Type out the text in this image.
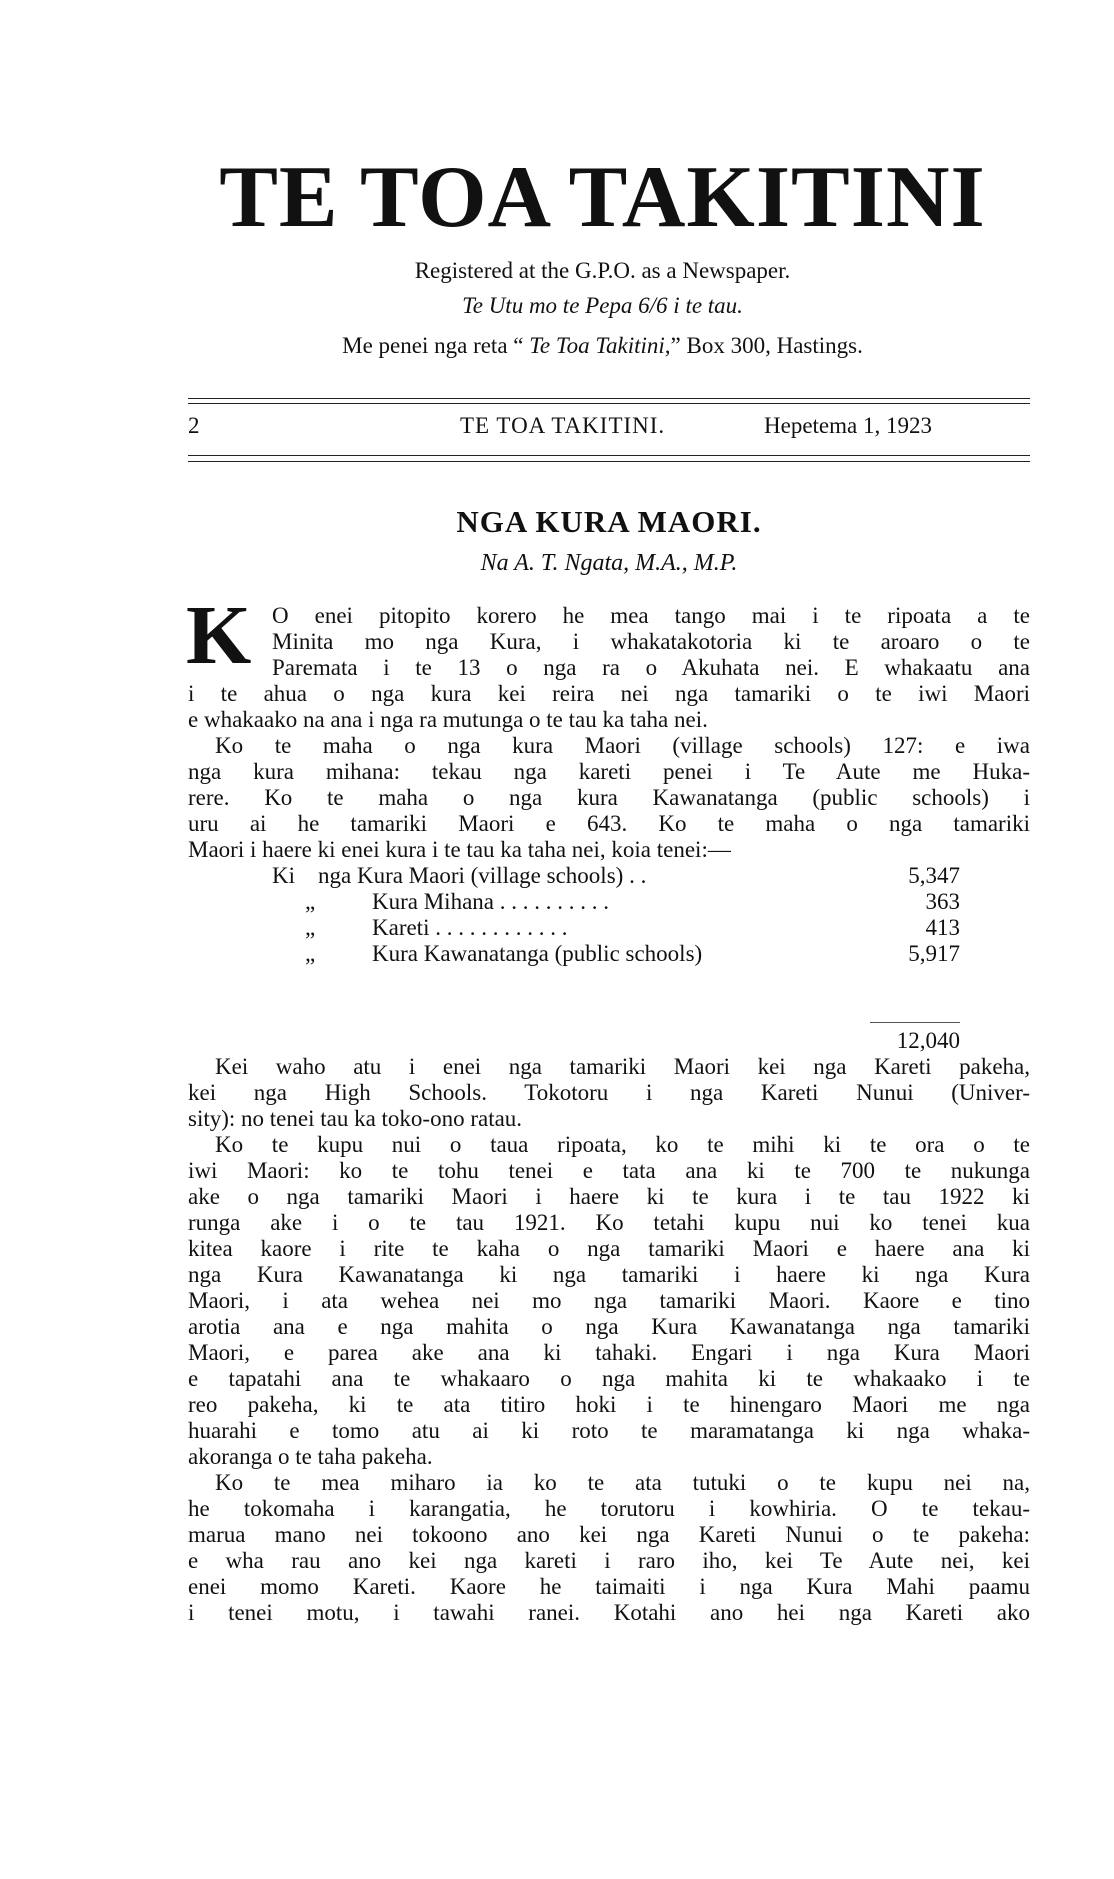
TE TOA TAKITINI
Registered at the G.P.O. as a Newspaper.
Te Utu mo te Pepa 6/6 i te tau.
Me penei nga reta “ Te Toa Takitini,” Box 300, Hastings.
2	TE TOA TAKITINI.	Hepetema 1, 1923
NGA KURA MAORI.
Na A. T. Ngata, M.A., M.P.
K O enei pitopito korero he mea tango mai i te ripoata a te
Minita mo nga Kura, i whakatakotoria ki te aroaro o te
Paremata i te 13 o nga ra o Akuhata nei. E whakaatu ana
i te ahua o nga kura kei reira nei nga tamariki o te iwi Maori
e whakaako na ana i nga ra mutunga o te tau ka taha nei.
Ko te maha o nga kura Maori (village schools) 127: e iwa
nga kura mihana: tekau nga kareti penei i Te Aute me Huka-
rere. Ko te maha o nga kura Kawanatanga (public schools) i
uru ai he tamariki Maori e 643. Ko te maha o nga tamariki
Maori i haere ki enei kura i te tau ka taha nei, koia tenei:—
Ki nga Kura Maori (village schools) . .	5,347
„ Kura Mihana . . . . . . . . . .	363
„ Kareti . . . . . . . . . . . .	413
„ Kura Kawanatanga (public schools)	5,917
12,040
Kei waho atu i enei nga tamariki Maori kei nga Kareti pakeha,
kei nga High Schools. Tokotoru i nga Kareti Nunui (Univer-
sity): no tenei tau ka toko-ono ratau.
Ko te kupu nui o taua ripoata, ko te mihi ki te ora o te
iwi Maori: ko te tohu tenei e tata ana ki te 700 te nukunga
ake o nga tamariki Maori i haere ki te kura i te tau 1922 ki
runga ake i o te tau 1921. Ko tetahi kupu nui ko tenei kua
kitea kaore i rite te kaha o nga tamariki Maori e haere ana ki
nga Kura Kawanatanga ki nga tamariki i haere ki nga Kura
Maori, i ata wehea nei mo nga tamariki Maori. Kaore e tino
arotia ana e nga mahita o nga Kura Kawanatanga nga tamariki
Maori, e parea ake ana ki tahaki. Engari i nga Kura Maori
e tapatahi ana te whakaaro o nga mahita ki te whakaako i te
reo pakeha, ki te ata titiro hoki i te hinengaro Maori me nga
huarahi e tomo atu ai ki roto te maramatanga ki nga whaka-
akoranga o te taha pakeha.
Ko te mea miharo ia ko te ata tutuki o te kupu nei na,
he tokomaha i karangatia, he torutoru i kowhiria. O te tekau-
marua mano nei tokoono ano kei nga Kareti Nunui o te pakeha:
e wha rau ano kei nga kareti i raro iho, kei Te Aute nei, kei
enei momo Kareti. Kaore he taimaiti i nga Kura Mahi paamu
i tenei motu, i tawahi ranei. Kotahi ano hei nga Kareti ako
